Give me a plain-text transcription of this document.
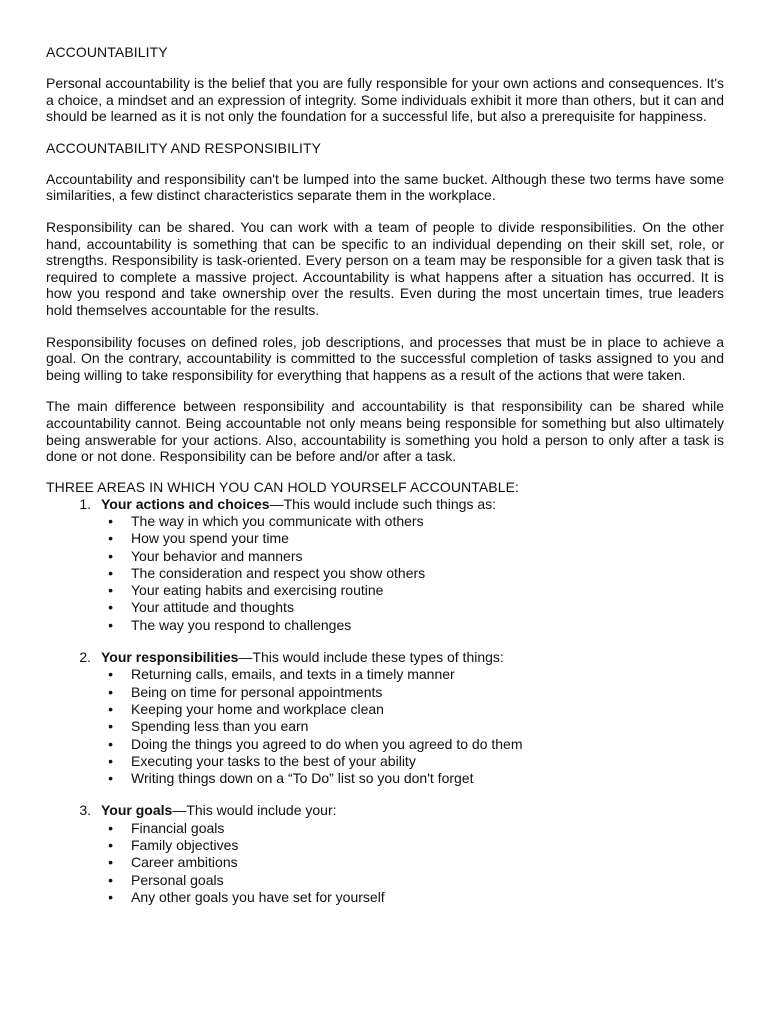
ACCOUNTABILITY

Personal accountability is the belief that you are fully responsible for your own actions and consequences. It's a choice, a mindset and an expression of integrity. Some individuals exhibit it more than others, but it can and should be learned as it is not only the foundation for a successful life, but also a prerequisite for happiness.

ACCOUNTABILITY AND RESPONSIBILITY

Accountability and responsibility can't be lumped into the same bucket. Although these two terms have some similarities, a few distinct characteristics separate them in the workplace.

Responsibility can be shared. You can work with a team of people to divide responsibilities. On the other hand, accountability is something that can be specific to an individual depending on their skill set, role, or strengths. Responsibility is task-oriented. Every person on a team may be responsible for a given task that is required to complete a massive project. Accountability is what happens after a situation has occurred. It is how you respond and take ownership over the results. Even during the most uncertain times, true leaders hold themselves accountable for the results.

Responsibility focuses on defined roles, job descriptions, and processes that must be in place to achieve a goal. On the contrary, accountability is committed to the successful completion of tasks assigned to you and being willing to take responsibility for everything that happens as a result of the actions that were taken.

The main difference between responsibility and accountability is that responsibility can be shared while accountability cannot. Being accountable not only means being responsible for something but also ultimately being answerable for your actions. Also, accountability is something you hold a person to only after a task is done or not done. Responsibility can be before and/or after a task.

THREE AREAS IN WHICH YOU CAN HOLD YOURSELF ACCOUNTABLE:
1. Your actions and choices—This would include such things as:
• The way in which you communicate with others
• How you spend your time
• Your behavior and manners
• The consideration and respect you show others
• Your eating habits and exercising routine
• Your attitude and thoughts
• The way you respond to challenges
2. Your responsibilities—This would include these types of things:
• Returning calls, emails, and texts in a timely manner
• Being on time for personal appointments
• Keeping your home and workplace clean
• Spending less than you earn
• Doing the things you agreed to do when you agreed to do them
• Executing your tasks to the best of your ability
• Writing things down on a “To Do” list so you don't forget
3. Your goals—This would include your:
• Financial goals
• Family objectives
• Career ambitions
• Personal goals
• Any other goals you have set for yourself
